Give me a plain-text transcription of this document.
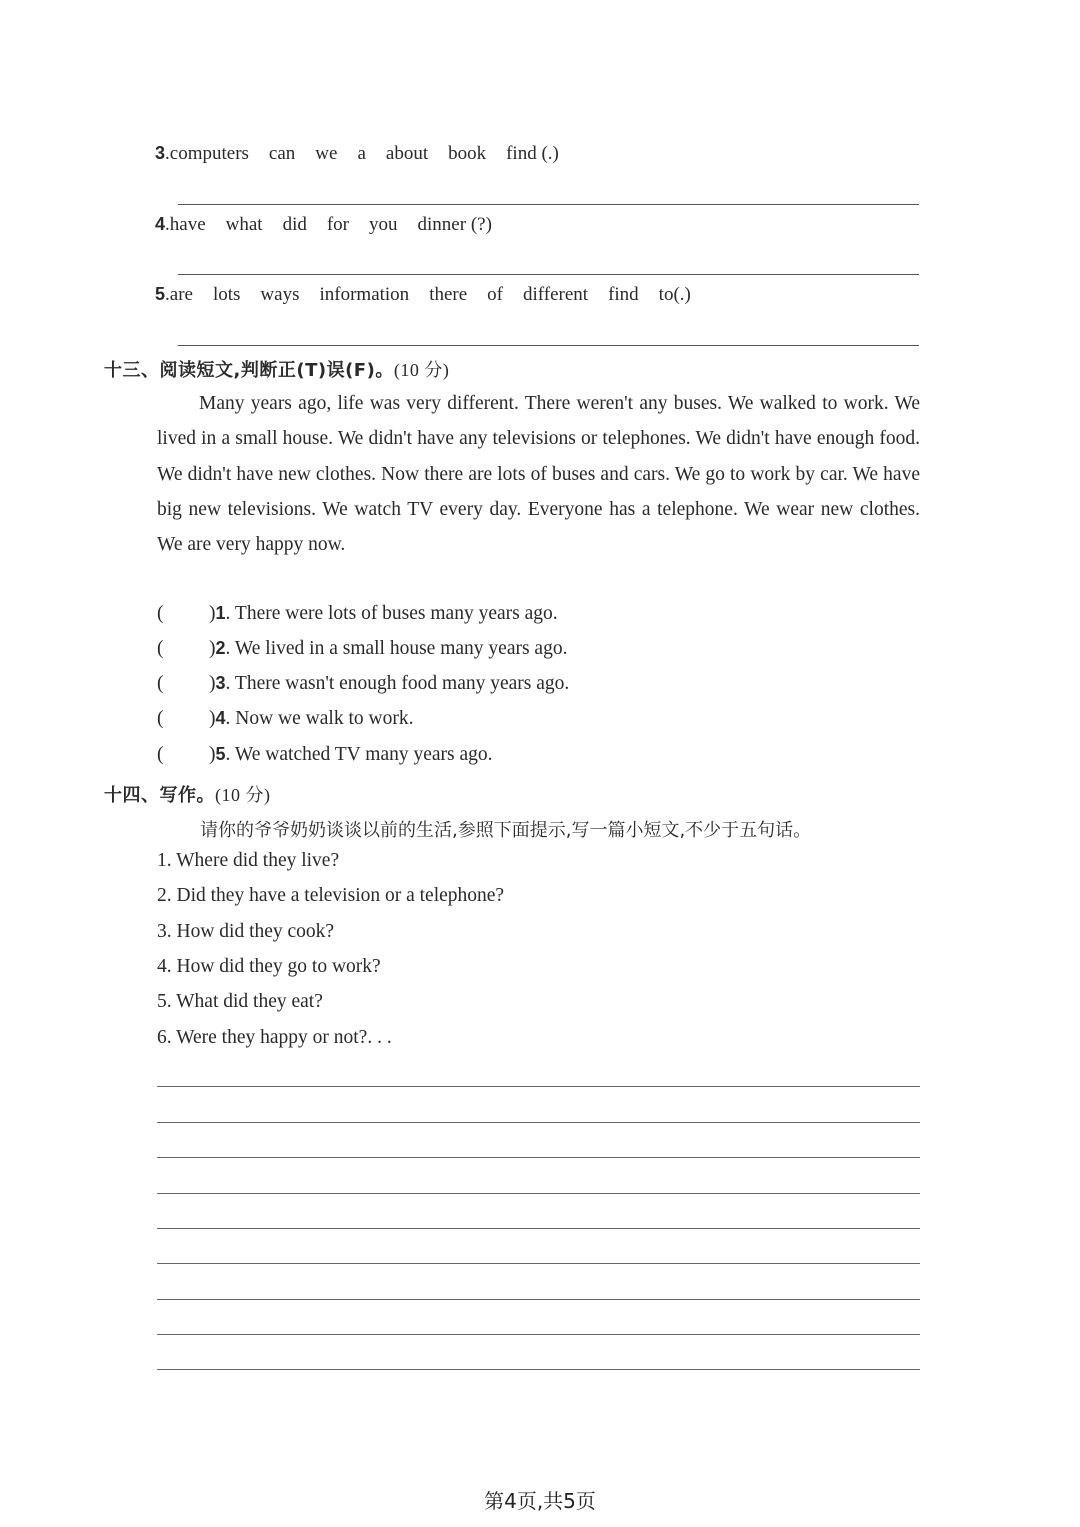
3.computers can we a about book find (.)
4.have what did for you dinner (?)
5.are lots ways information there of different find to(.)
十三、阅读短文,判断正(T)误(F)。(10 分)
Many years ago, life was very different. There weren't any buses. We walked to work. We lived in a small house. We didn't have any televisions or telephones. We didn't have enough food. We didn't have new clothes. Now there are lots of buses and cars. We go to work by car. We have big new televisions. We watch TV every day. Everyone has a telephone. We wear new clothes. We are very happy now.
( )1. There were lots of buses many years ago.
( )2. We lived in a small house many years ago.
( )3. There wasn't enough food many years ago.
( )4. Now we walk to work.
( )5. We watched TV many years ago.
十四、写作。(10 分)
请你的爷爷奶奶谈谈以前的生活,参照下面提示,写一篇小短文,不少于五句话。
1. Where did they live?
2. Did they have a television or a telephone?
3. How did they cook?
4. How did they go to work?
5. What did they eat?
6. Were they happy or not?. . .
第4页,共5页
